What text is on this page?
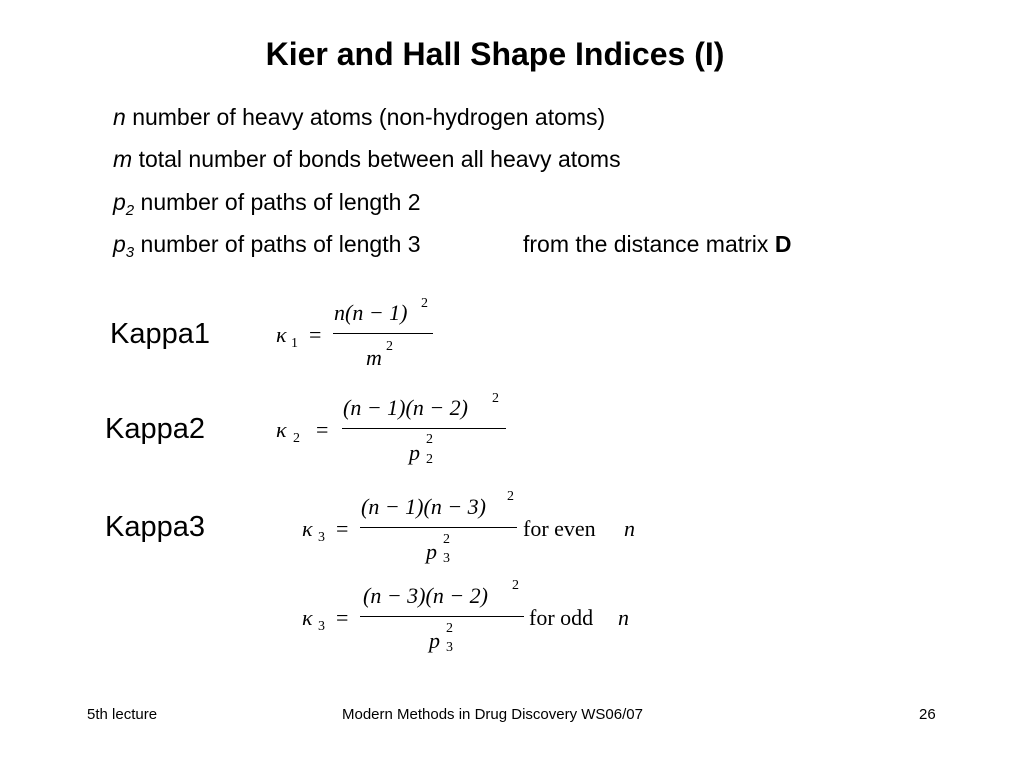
Kier and Hall Shape Indices (I)
n number of heavy atoms (non-hydrogen atoms)
m total number of bonds between all heavy atoms
$p_2$ number of paths of length 2
$p_3$ number of paths of length 3	from the distance matrix D
Kappa1
Kappa2
Kappa3
κ 1 =
n(n − 1) 2
m 2
κ 2 =
(n − 1)(n − 2) 2
p
2
2
κ 3 =
(n − 1)(n − 3) 2
p 2
3
for even n
κ 3 =
(n − 3)(n − 2) 2
p 2
3
for odd n
5th lecture	Modern Methods in Drug Discovery WS06/07	26
